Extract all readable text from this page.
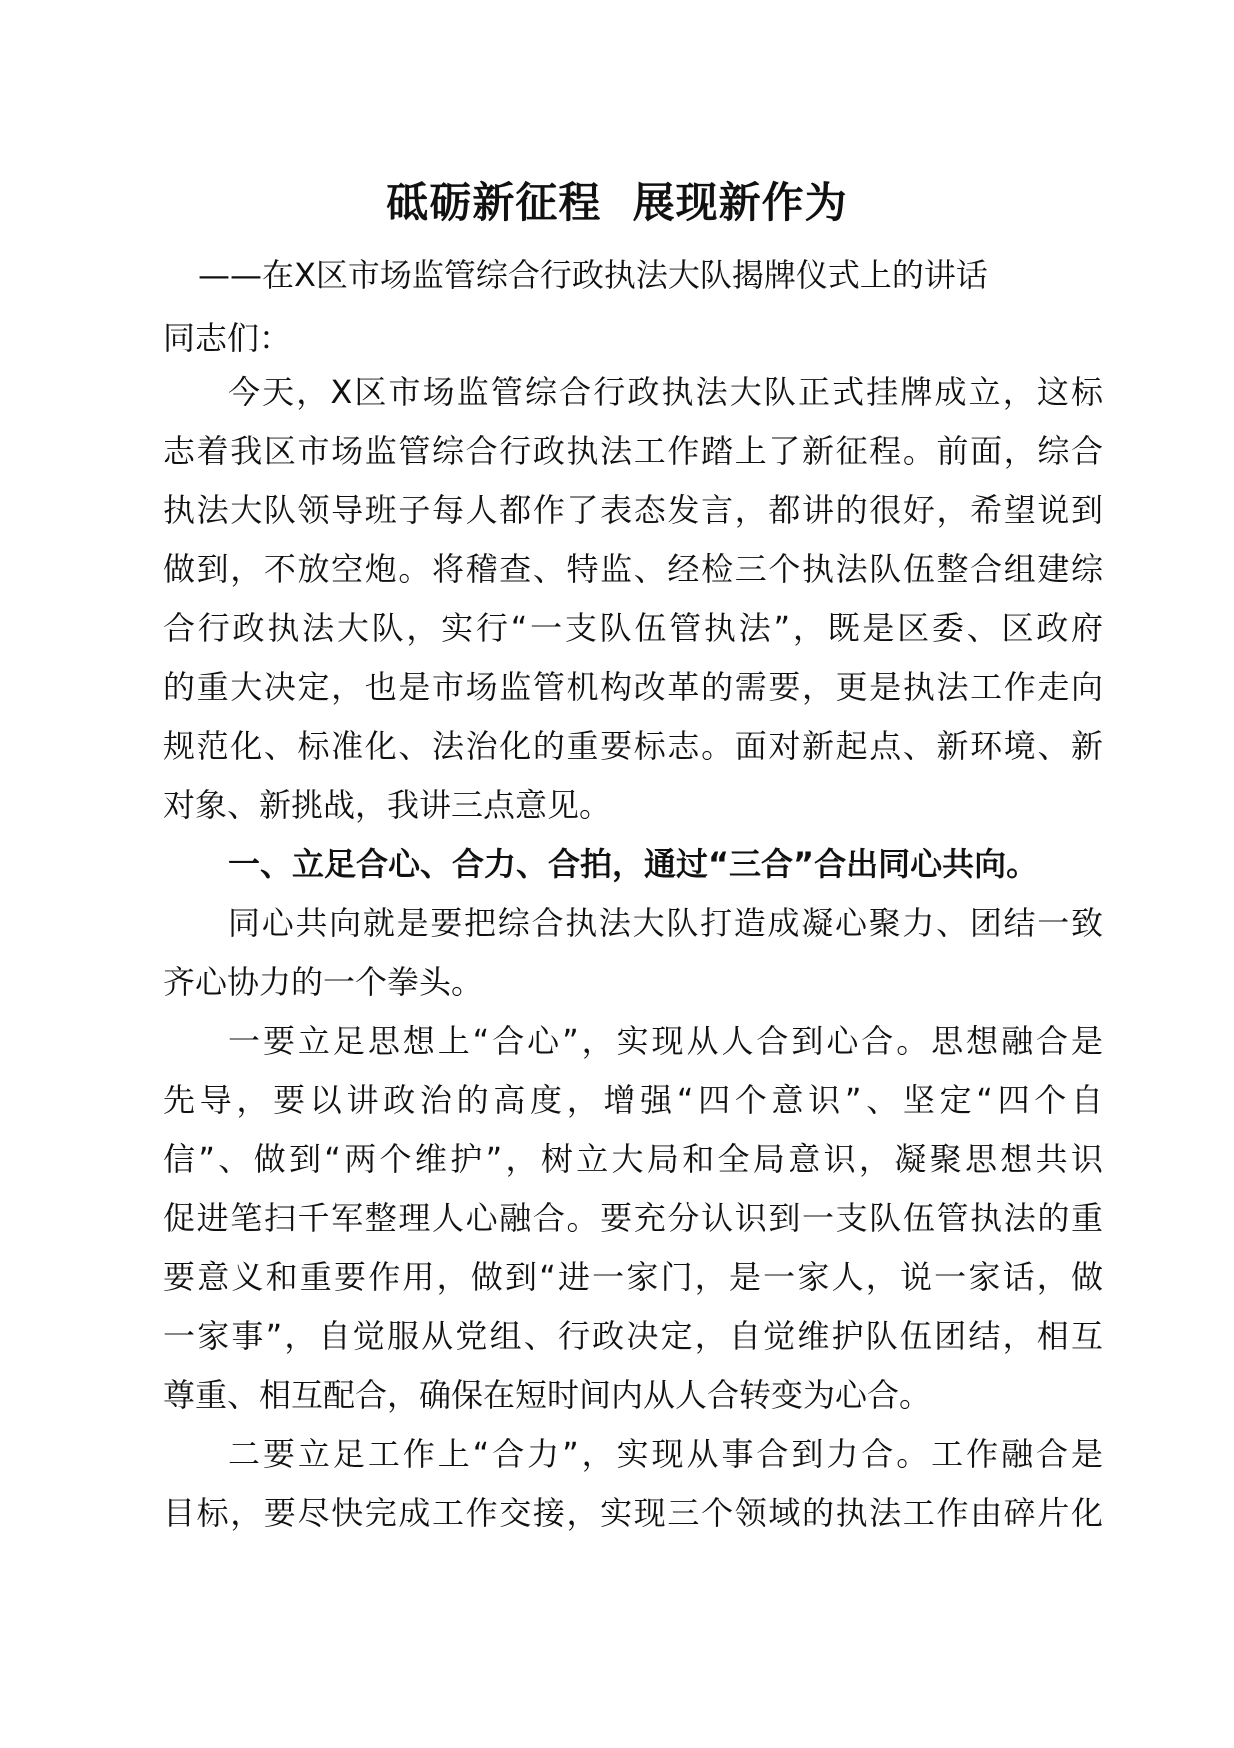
砥砺新征程  展现新作为
——在X区市场监管综合行政执法大队揭牌仪式上的讲话
同志们：
今天，X区市场监管综合行政执法大队正式挂牌成立，这标
志着我区市场监管综合行政执法工作踏上了新征程。前面，综合
执法大队领导班子每人都作了表态发言，都讲的很好，希望说到
做到，不放空炮。将稽查、特监、经检三个执法队伍整合组建综
合行政执法大队，实行“一支队伍管执法”，既是区委、区政府
的重大决定，也是市场监管机构改革的需要，更是执法工作走向
规范化、标准化、法治化的重要标志。面对新起点、新环境、新
对象、新挑战，我讲三点意见。
一、立足合心、合力、合拍，通过“三合”合出同心共向。
同心共向就是要把综合执法大队打造成凝心聚力、团结一致
齐心协力的一个拳头。
一要立足思想上“合心”，实现从人合到心合。思想融合是
先导，要以讲政治的高度，增强“四个意识”、坚定“四个自
信”、做到“两个维护”，树立大局和全局意识，凝聚思想共识
促进笔扫千军整理人心融合。要充分认识到一支队伍管执法的重
要意义和重要作用，做到“进一家门，是一家人，说一家话，做
一家事”，自觉服从党组、行政决定，自觉维护队伍团结，相互
尊重、相互配合，确保在短时间内从人合转变为心合。
二要立足工作上“合力”，实现从事合到力合。工作融合是
目标，要尽快完成工作交接，实现三个领域的执法工作由碎片化
